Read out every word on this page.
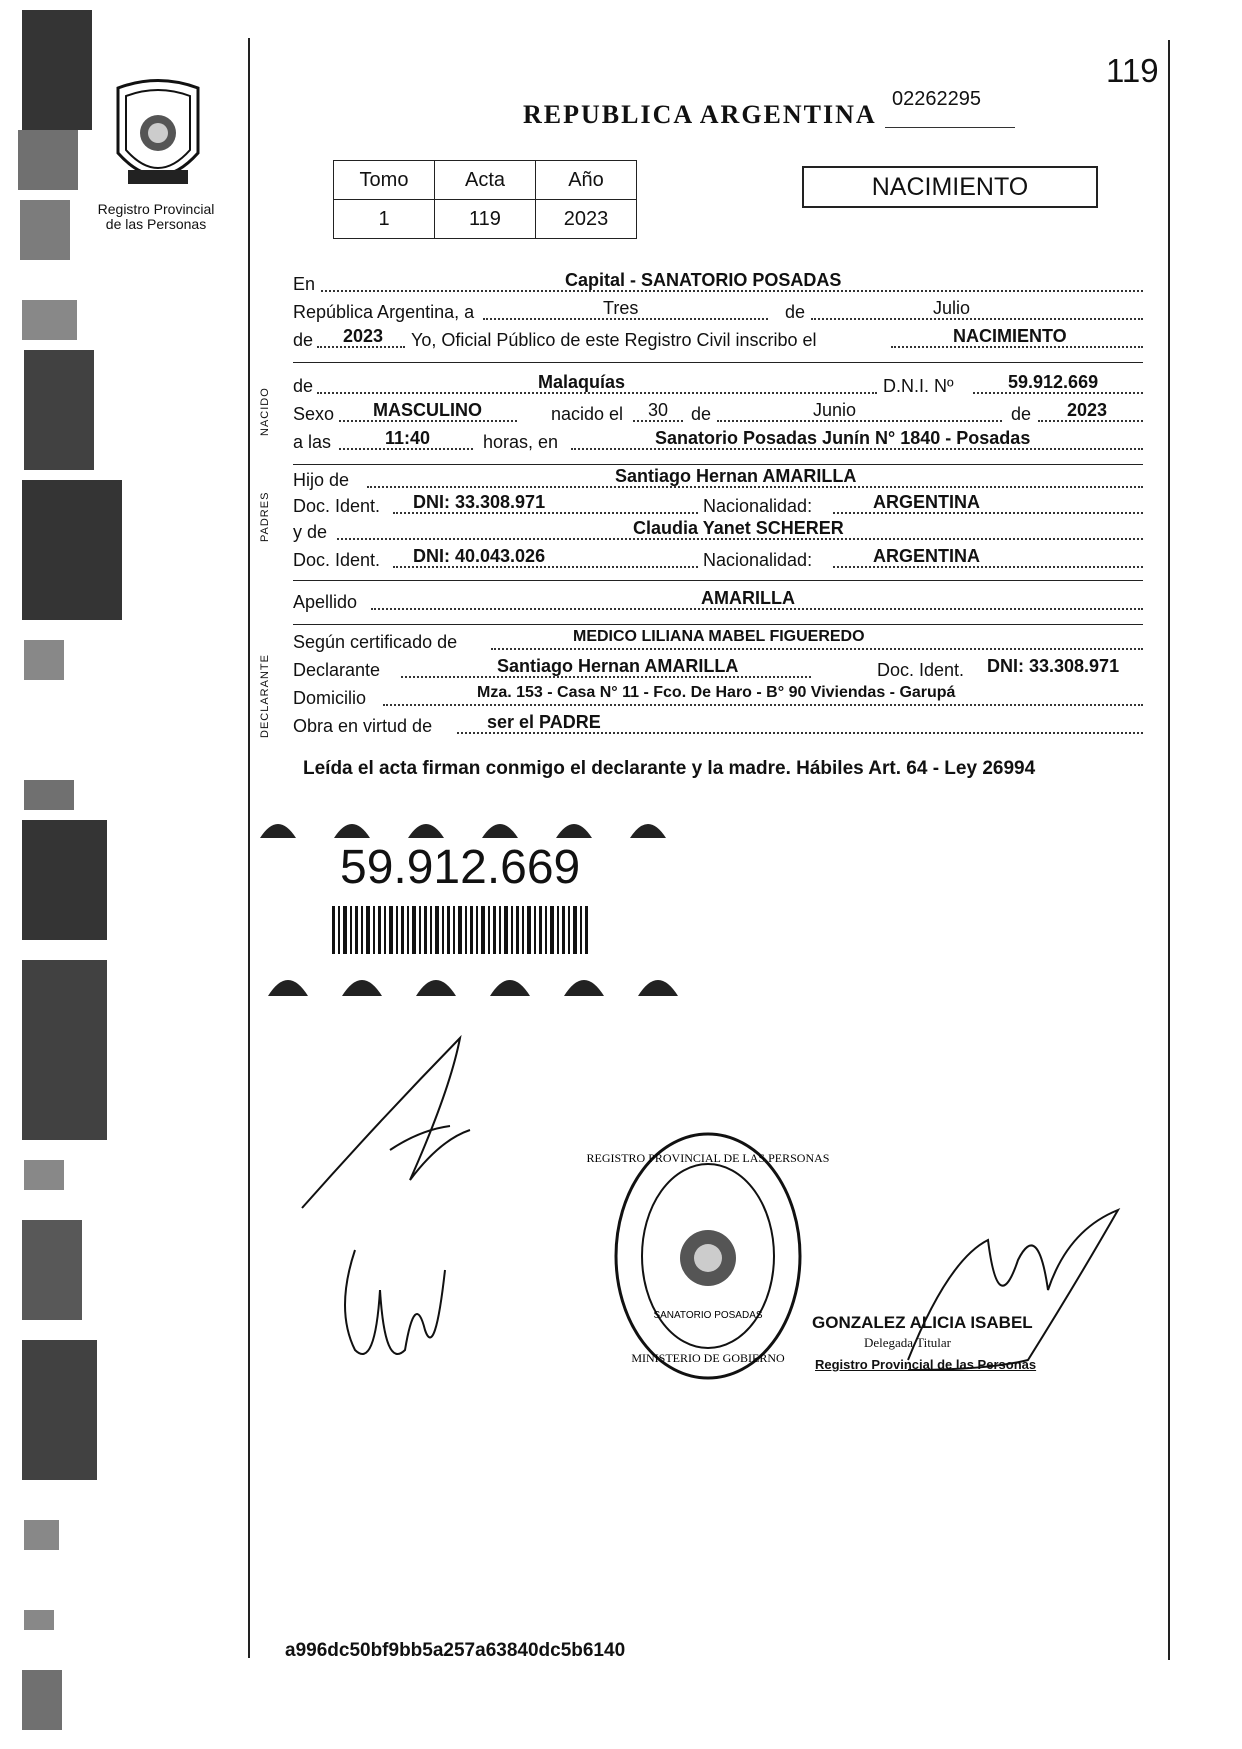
Registro Provincial
de las Personas
REPUBLICA ARGENTINA
02262295
119
Tomo	Acta	Año
1	119	2023
NACIMIENTO
En	Capital - SANATORIO POSADAS
República Argentina, a	Tres	de	Julio
de 2023 Yo, Oficial Público de este Registro Civil inscribo el	NACIMIENTO
NACIDO
de	Malaquías	D.N.I. Nº	59.912.669
Sexo MASCULINO	nacido el 30 de	Junio	de 2023
a las	11:40	horas, en	Sanatorio Posadas Junín N° 1840 - Posadas
PADRES
Hijo de	Santiago Hernan AMARILLA
Doc. Ident. DNI: 33.308.971	Nacionalidad:	ARGENTINA
y de	Claudia Yanet SCHERER
Doc. Ident. DNI: 40.043.026	Nacionalidad:	ARGENTINA
Apellido	AMARILLA
DECLARANTE
Según certificado de	MEDICO LILIANA MABEL FIGUEREDO
Declarante	Santiago Hernan AMARILLA	Doc. Ident. DNI: 33.308.971
Domicilio	Mza. 153 - Casa N° 11 - Fco. De Haro - B° 90 Viviendas - Garupá
Obra en virtud de	ser el PADRE
Leída el acta firman conmigo el declarante y la madre. Hábiles Art. 64 - Ley 26994
59.912.669
REGISTRO PROVINCIAL DE LAS PERSONAS
MINISTERIO DE GOBIERNO
SANATORIO POSADAS	GONZALEZ ALICIA ISABEL
Delegada Titular
Registro Provincial de las Personas
a996dc50bf9bb5a257a63840dc5b6140
